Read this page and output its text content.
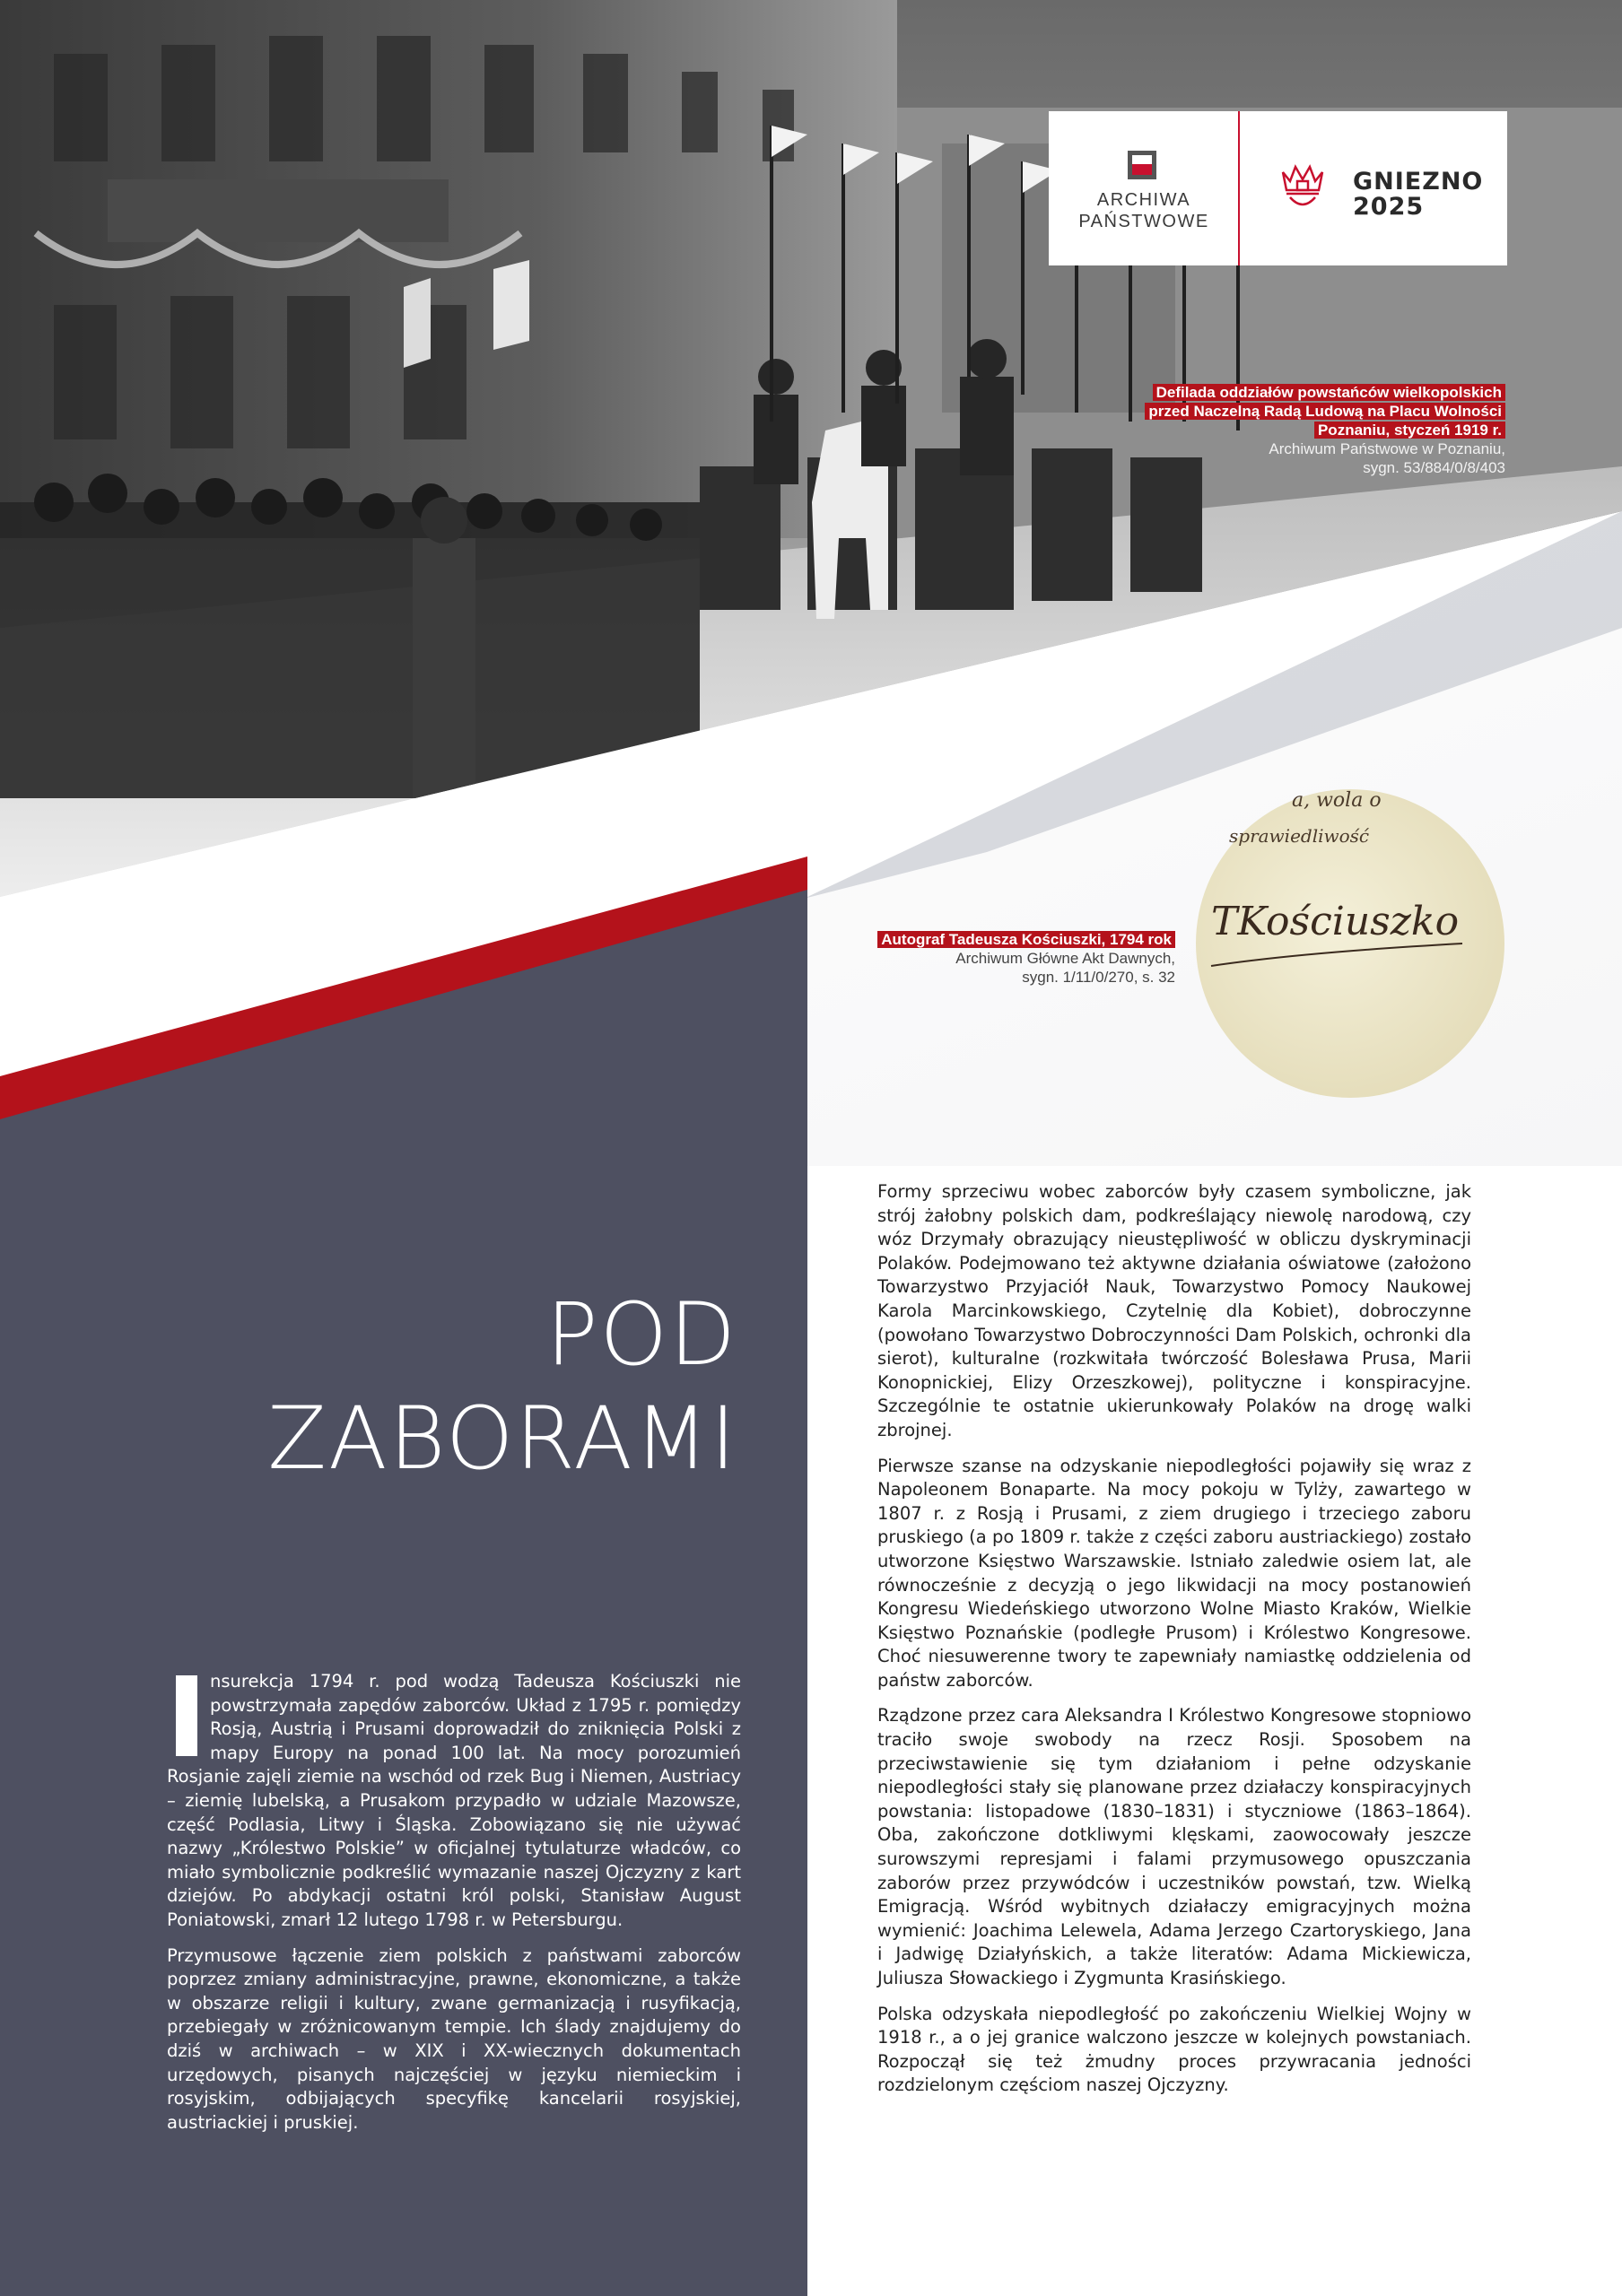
ARCHIWA
PAŃSTWOWE
GNIEZNO
2025
Defilada oddziałów powstańców wielkopolskich
przed Naczelną Radą Ludową na Placu Wolności
Poznaniu, styczeń 1919 r.
Archiwum Państwowe w Poznaniu,
sygn. 53/884/0/8/403
a, wola o
sprawiedliwość
TKościuszko
Autograf Tadeusza Kościuszki, 1794 rok
Archiwum Główne Akt Dawnych,
sygn. 1/11/0/270, s. 32
POD
ZABORAMI

nsurekcja 1794 r. pod wodzą Tadeusza Kościuszki nie powstrzymała zapędów zaborców. Układ z 1795 r. pomiędzy Rosją, Austrią i Prusami doprowadził do zniknięcia Polski z mapy Europy na ponad 100 lat. Na mocy porozumień Rosjanie zajęli ziemie na wschód od rzek Bug i Niemen, Austriacy – ziemię lubelską, a Prusakom przypadło w udziale Mazowsze, część Podlasia, Litwy i Śląska. Zobowiązano się nie używać nazwy „Królestwo Polskie” w oficjalnej tytulaturze władców, co miało symbolicznie podkreślić wymazanie naszej Ojczyzny z kart dziejów. Po abdykacji ostatni król polski, Stanisław August Poniatowski, zmarł 12 lutego 1798 r. w Petersburgu.

Przymusowe łączenie ziem polskich z państwami zaborców poprzez zmiany administracyjne, prawne, ekonomiczne, a także w obszarze religii i kultury, zwane germanizacją i rusyfikacją, przebiegały w zróżnicowanym tempie. Ich ślady znajdujemy do dziś w archiwach – w XIX i XX-wiecznych dokumentach urzędowych, pisanych najczęściej w języku niemieckim i rosyjskim, odbijających specyfikę kancelarii rosyjskiej, austriackiej i pruskiej.

Formy sprzeciwu wobec zaborców były czasem symboliczne, jak strój żałobny polskich dam, podkreślający niewolę narodową, czy wóz Drzymały obrazujący nieustępliwość w obliczu dyskryminacji Polaków. Podejmowano też aktywne działania oświatowe (założono Towarzystwo Przyjaciół Nauk, Towarzystwo Pomocy Naukowej Karola Marcinkowskiego, Czytelnię dla Kobiet), dobroczynne (powołano Towarzystwo Dobroczynności Dam Polskich, ochronki dla sierot), kulturalne (rozkwitała twórczość Bolesława Prusa, Marii Konopnickiej, Elizy Orzeszkowej), polityczne i konspiracyjne. Szczególnie te ostatnie ukierunkowały Polaków na drogę walki zbrojnej.

Pierwsze szanse na odzyskanie niepodległości pojawiły się wraz z Napoleonem Bonaparte. Na mocy pokoju w Tylży, zawartego w 1807 r. z Rosją i Prusami, z ziem drugiego i trzeciego zaboru pruskiego (a po 1809 r. także z części zaboru austriackiego) zostało utworzone Księstwo Warszawskie. Istniało zaledwie osiem lat, ale równocześnie z decyzją o jego likwidacji na mocy postanowień Kongresu Wiedeńskiego utworzono Wolne Miasto Kraków, Wielkie Księstwo Poznańskie (podległe Prusom) i Królestwo Kongresowe. Choć niesuwerenne twory te zapewniały namiastkę oddzielenia od państw zaborców.

Rządzone przez cara Aleksandra I Królestwo Kongresowe stopniowo traciło swoje swobody na rzecz Rosji. Sposobem na przeciwstawienie się tym działaniom i pełne odzyskanie niepodległości stały się planowane przez działaczy konspiracyjnych powstania: listopadowe (1830–1831) i styczniowe (1863–1864). Oba, zakończone dotkliwymi klęskami, zaowocowały jeszcze surowszymi represjami i falami przymusowego opuszczania zaborów przez przywódców i uczestników powstań, tzw. Wielką Emigracją. Wśród wybitnych działaczy emigracyjnych można wymienić: Joachima Lelewela, Adama Jerzego Czartoryskiego, Jana i Jadwigę Działyńskich, a także literatów: Adama Mickiewicza, Juliusza Słowackiego i Zygmunta Krasińskiego.

Polska odzyskała niepodległość po zakończeniu Wielkiej Wojny w 1918 r., a o jej granice walczono jeszcze w kolejnych powstaniach. Rozpoczął się też żmudny proces przywracania jedności rozdzielonym częściom naszej Ojczyzny.
